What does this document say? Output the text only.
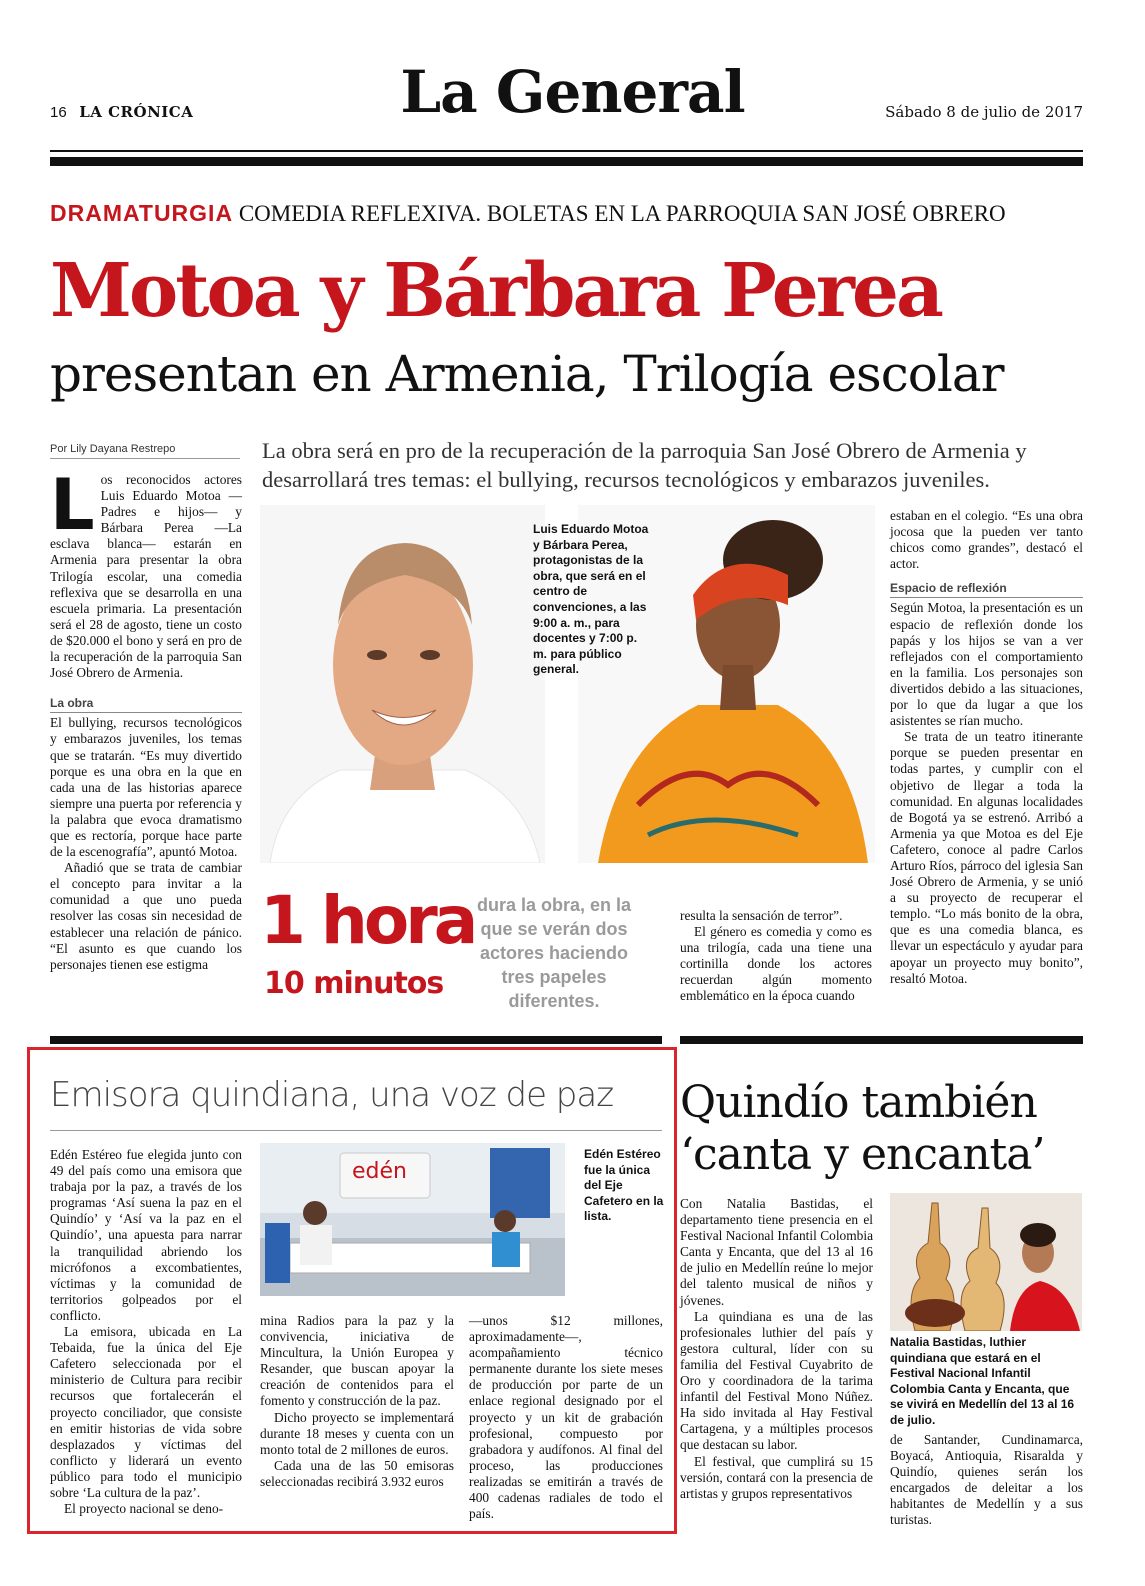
16 LA CRÓNICA	La General	Sábado 8 de julio de 2017
DRAMATURGIA COMEDIA REFLEXIVA. BOLETAS EN LA PARROQUIA SAN JOSÉ OBRERO
Motoa y Bárbara Perea
presentan en Armenia, Trilogía escolar
Por Lily Dayana Restrepo	La obra será en pro de la recuperación de la parroquia San José Obrero de Armenia y desarrollará tres temas: el bullying, recursos tecnológicos y embarazos juveniles.
L os reconocidos actores Luis Eduardo Motoa —Padres e hijos— y Bárbara Perea —La esclava blanca— estarán en Armenia para presentar la obra Trilogía escolar, una comedia reflexiva que se desarrolla en una escuela primaria. La presentación será el 28 de agosto, tiene un costo de $20.000 el bono y será en pro de la recuperación de la parroquia San José Obrero de Armenia.

La obra

El bullying, recursos tecnológicos y embarazos juveniles, los temas que se tratarán. “Es muy divertido porque es una obra en la que en cada una de las historias aparece siempre una puerta por referencia y la palabra que evoca dramatismo que es rectoría, porque hace parte de la escenografía”, apuntó Motoa.

Añadió que se trata de cambiar el concepto para invitar a la comunidad a que uno pueda resolver las cosas sin necesidad de establecer una relación de pánico. “El asunto es que cuando los personajes tienen ese estigma

Luis Eduardo Motoa y Bárbara Perea, protagonistas de la obra, que será en el centro de convenciones, a las 9:00 a. m., para docentes y 7:00 p. m. para público general.
1 hora
10 minutos
dura la obra, en la que se verán dos actores haciendo tres papeles diferentes.

resulta la sensación de terror”.

El género es comedia y como es una trilogía, cada una tiene una cortinilla donde los actores recuerdan algún momento emblemático en la época cuando

estaban en el colegio. “Es una obra jocosa que la pueden ver tanto chicos como grandes”, destacó el actor.

Espacio de reflexión

Según Motoa, la presentación es un espacio de reflexión donde los papás y los hijos se van a ver reflejados con el comportamiento en la familia. Los personajes son divertidos debido a las situaciones, por lo que da lugar a que los asistentes se rían mucho.

Se trata de un teatro itinerante porque se pueden presentar en todas partes, y cumplir con el objetivo de llegar a toda la comunidad. En algunas localidades de Bogotá ya se estrenó. Arribó a Armenia ya que Motoa es del Eje Cafetero, conoce al padre Carlos Arturo Ríos, párroco del iglesia San José Obrero de Armenia, y se unió a su proyecto de recuperar el templo. “Lo más bonito de la obra, que es una comedia blanca, es llevar un espectáculo y ayudar para apoyar un proyecto muy bonito”, resaltó Motoa.

Emisora quindiana, una voz de paz

Edén Estéreo fue elegida junto con 49 del país como una emisora que trabaja por la paz, a través de los programas ‘Así suena la paz en el Quindío’ y ‘Así va la paz en el Quindío’, una apuesta para narrar la tranquilidad abriendo los micrófonos a excombatientes, víctimas y la comunidad de territorios golpeados por el conflicto.

La emisora, ubicada en La Tebaida, fue la única del Eje Cafetero seleccionada por el ministerio de Cultura para recibir recursos que fortalecerán el proyecto conciliador, que consiste en emitir historias de vida sobre desplazados y víctimas del conflicto y liderará un evento público para todo el municipio sobre ‘La cultura de la paz’.

El proyecto nacional se deno-

edén
Edén Estéreo fue la única del Eje Cafetero en la lista.

mina Radios para la paz y la convivencia, iniciativa de Mincultura, la Unión Europea y Resander, que buscan apoyar la creación de contenidos para el fomento y construcción de la paz.

Dicho proyecto se implementará durante 18 meses y cuenta con un monto total de 2 millones de euros.

Cada una de las 50 emisoras seleccionadas recibirá 3.932 euros

—unos $12 millones, aproximadamente—, acompañamiento técnico permanente durante los siete meses de producción por parte de un enlace regional designado por el proyecto y un kit de grabación profesional, compuesto por grabadora y audífonos. Al final del proceso, las producciones realizadas se emitirán a través de 400 cadenas radiales de todo el país.

Quindío también
‘canta y encanta’

Con Natalia Bastidas, el departamento tiene presencia en el Festival Nacional Infantil Colombia Canta y Encanta, que del 13 al 16 de julio en Medellín reúne lo mejor del talento musical de niños y jóvenes.

La quindiana es una de las profesionales luthier del país y gestora cultural, líder con su familia del Festival Cuyabrito de Oro y coordinadora de la tarima infantil del Festival Mono Núñez. Ha sido invitada al Hay Festival Cartagena, y a múltiples procesos que destacan su labor.

El festival, que cumplirá su 15 versión, contará con la presencia de artistas y grupos representativos

Natalia Bastidas, luthier quindiana que estará en el Festival Nacional Infantil Colombia Canta y Encanta, que se vivirá en Medellín del 13 al 16 de julio.

de Santander, Cundinamarca, Boyacá, Antioquia, Risaralda y Quindío, quienes serán los encargados de deleitar a los habitantes de Medellín y a sus turistas.
